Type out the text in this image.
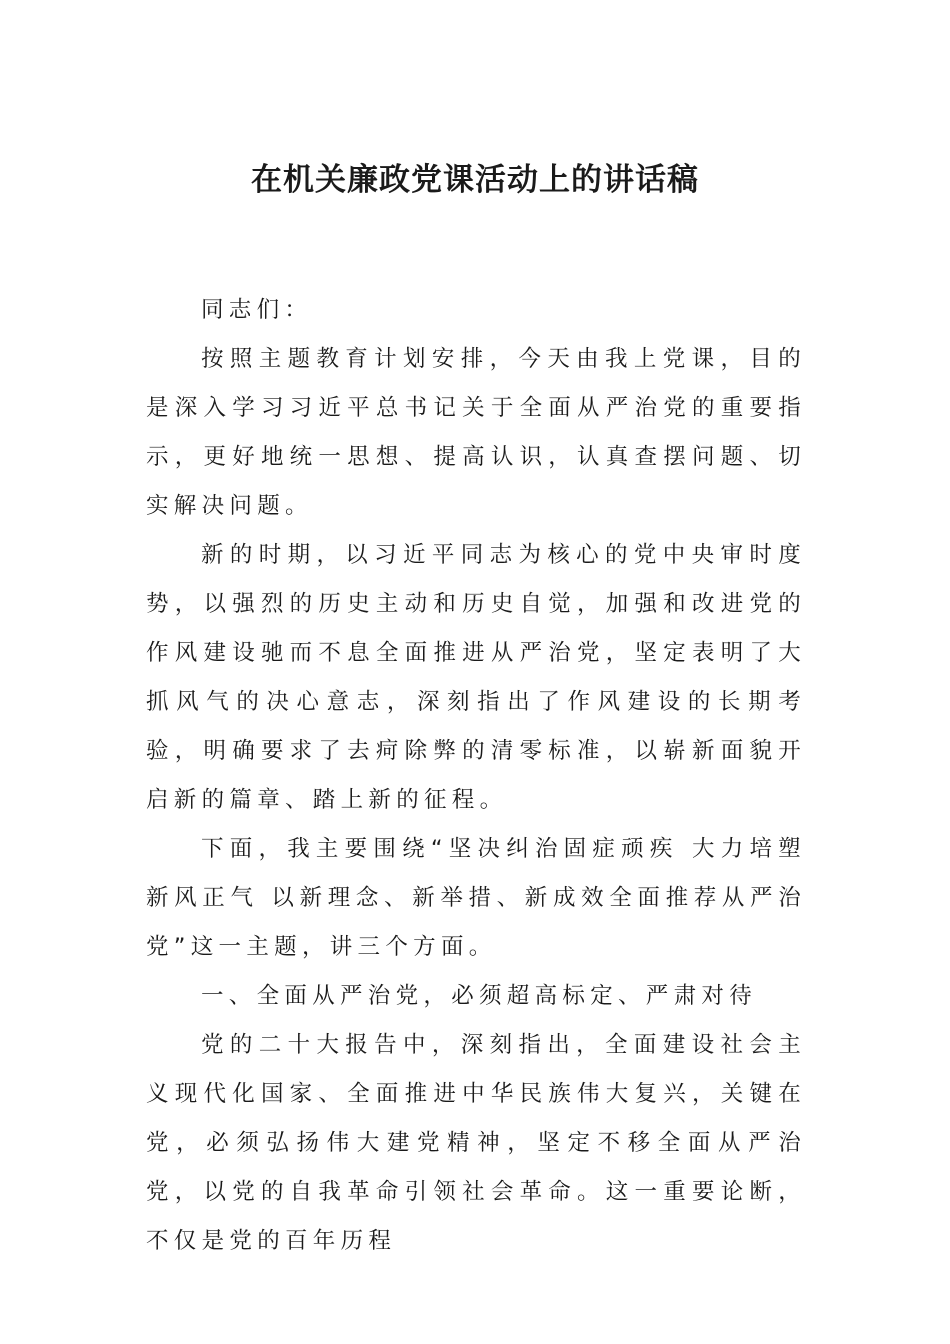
在机关廉政党课活动上的讲话稿

同志们：

按照主题教育计划安排，今天由我上党课，目的是深入学习习近平总书记关于全面从严治党的重要指示，更好地统一思想、提高认识，认真查摆问题、切实解决问题。

新的时期，以习近平同志为核心的党中央审时度势，以强烈的历史主动和历史自觉，加强和改进党的作风建设驰而不息全面推进从严治党，坚定表明了大抓风气的决心意志，深刻指出了作风建设的长期考验，明确要求了去疴除弊的清零标准，以崭新面貌开启新的篇章、踏上新的征程。

下面，我主要围绕“坚决纠治固症顽疾 大力培塑新风正气 以新理念、新举措、新成效全面推荐从严治党”这一主题，讲三个方面。

一、全面从严治党，必须超高标定、严肃对待

党的二十大报告中，深刻指出，全面建设社会主义现代化国家、全面推进中华民族伟大复兴，关键在党，必须弘扬伟大建党精神，坚定不移全面从严治党，以党的自我革命引领社会革命。这一重要论断，不仅是党的百年历程
